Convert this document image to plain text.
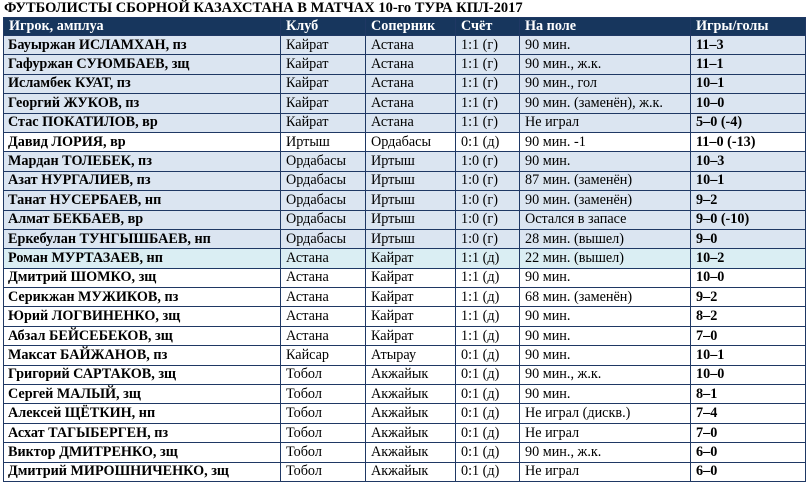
ФУТБОЛИСТЫ СБОРНОЙ КАЗАХСТАНА В МАТЧАХ 10-го ТУРА КПЛ-2017
Игрок, амплуа	Клуб	Соперник	Счёт	На поле	Игры/голы
Бауыржан ИСЛАМХАН, пз	Кайрат	Астана	1:1 (г)	90 мин.	11–3
Гафуржан СУЮМБАЕВ, зщ	Кайрат	Астана	1:1 (г)	90 мин., ж.к.	11–1
Исламбек КУАТ, пз	Кайрат	Астана	1:1 (г)	90 мин., гол	10–1
Георгий ЖУКОВ, пз	Кайрат	Астана	1:1 (г)	90 мин. (заменён), ж.к.	10–0
Стас ПОКАТИЛОВ, вр	Кайрат	Астана	1:1 (г)	Не играл	5–0 (-4)
Давид ЛОРИЯ, вр	Иртыш	Ордабасы	0:1 (д)	90 мин. -1	11–0 (-13)
Мардан ТОЛЕБЕК, пз	Ордабасы	Иртыш	1:0 (г)	90 мин.	10–3
Азат НУРГАЛИЕВ, пз	Ордабасы	Иртыш	1:0 (г)	87 мин. (заменён)	10–1
Танат НУСЕРБАЕВ, нп	Ордабасы	Иртыш	1:0 (г)	90 мин. (заменён)	9–2
Алмат БЕКБАЕВ, вр	Ордабасы	Иртыш	1:0 (г)	Остался в запасе	9–0 (-10)
Еркебулан ТУНГЫШБАЕВ, нп	Ордабасы	Иртыш	1:0 (г)	28 мин. (вышел)	9–0
Роман МУРТАЗАЕВ, нп	Астана	Кайрат	1:1 (д)	22 мин. (вышел)	10–2
Дмитрий ШОМКО, зщ	Астана	Кайрат	1:1 (д)	90 мин.	10–0
Серикжан МУЖИКОВ, пз	Астана	Кайрат	1:1 (д)	68 мин. (заменён)	9–2
Юрий ЛОГВИНЕНКО, зщ	Астана	Кайрат	1:1 (д)	90 мин.	8–2
Абзал БЕЙСЕБЕКОВ, зщ	Астана	Кайрат	1:1 (д)	90 мин.	7–0
Максат БАЙЖАНОВ, пз	Кайсар	Атырау	0:1 (д)	90 мин.	10–1
Григорий САРТАКОВ, зщ	Тобол	Акжайык	0:1 (д)	90 мин., ж.к.	10–0
Сергей МАЛЫЙ, зщ	Тобол	Акжайык	0:1 (д)	90 мин.	8–1
Алексей ЩЁТКИН, нп	Тобол	Акжайык	0:1 (д)	Не играл (дискв.)	7–4
Асхат ТАГЫБЕРГЕН, пз	Тобол	Акжайык	0:1 (д)	Не играл	7–0
Виктор ДМИТРЕНКО, зщ	Тобол	Акжайык	0:1 (д)	90 мин., ж.к.	6–0
Дмитрий МИРОШНИЧЕНКО, зщ	Тобол	Акжайык	0:1 (д)	Не играл	6–0
